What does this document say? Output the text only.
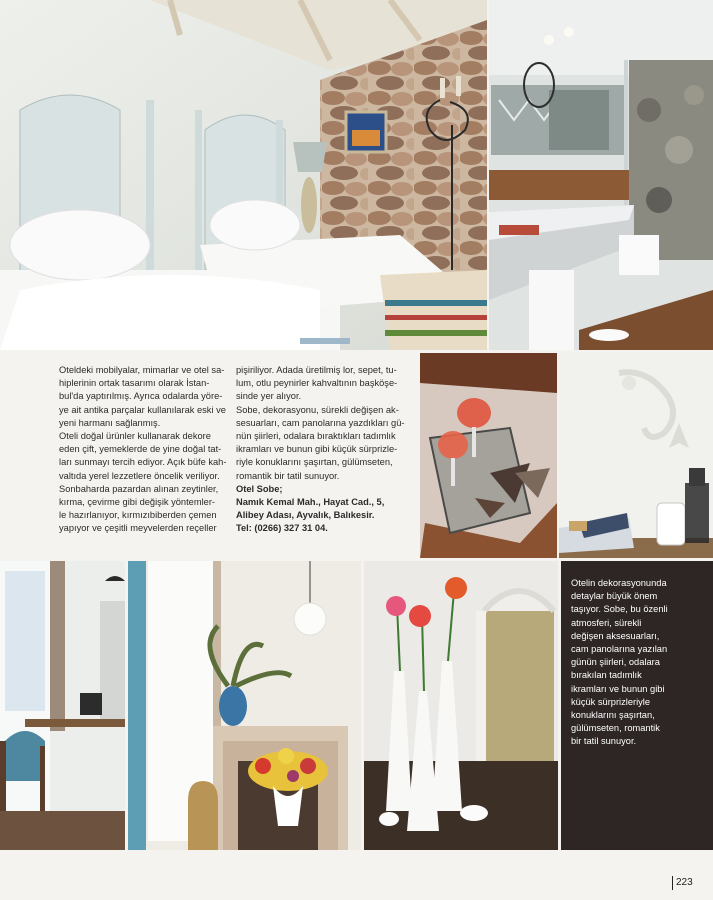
Oteldeki mobilyalar, mimarlar ve otel sa-

hiplerinin ortak tasarımı olarak İstan-

bul'da yaptırılmış. Ayrıca odalarda yöre-

ye ait antika parçalar kullanılarak eski ve

yeni harmanı sağlanmış.

Oteli doğal ürünler kullanarak dekore

eden çift, yemeklerde de yine doğal tat-

ları sunmayı tercih ediyor. Açık büfe kah-

valtıda yerel lezzetlere öncelik veriliyor.

Sonbaharda pazardan alınan zeytinler,

kırma, çevirme gibi değişik yöntemler-

le hazırlanıyor, kırmızıbiberden çemen

yapıyor ve çeşitli meyvelerden reçeller

pişiriliyor. Adada üretilmiş lor, sepet, tu-

lum, otlu peynirler kahvaltının başköşe-

sinde yer alıyor.

Sobe, dekorasyonu, sürekli değişen ak-

sesuarları, cam panolarına yazdıkları gü-

nün şiirleri, odalara bıraktıkları tadımlık

ikramları ve bunun gibi küçük sürprizle-

riyle konuklarını şaşırtan, gülümseten,

romantik bir tatil sunuyor.

Otel Sobe;

Namık Kemal Mah., Hayat Cad., 5,

Alibey Adası, Ayvalık, Balıkesir.

Tel: (0266) 327 31 04.

Otelin dekorasyonunda

detaylar büyük önem

taşıyor. Sobe, bu özenli

atmosferi, sürekli

değişen aksesuarları,

cam panolarına yazılan

günün şiirleri, odalara

bırakılan tadımlık

ikramları ve bunun gibi

küçük sürprizleriyle

konuklarını şaşırtan,

gülümseten, romantik

bir tatil sunuyor.

223
